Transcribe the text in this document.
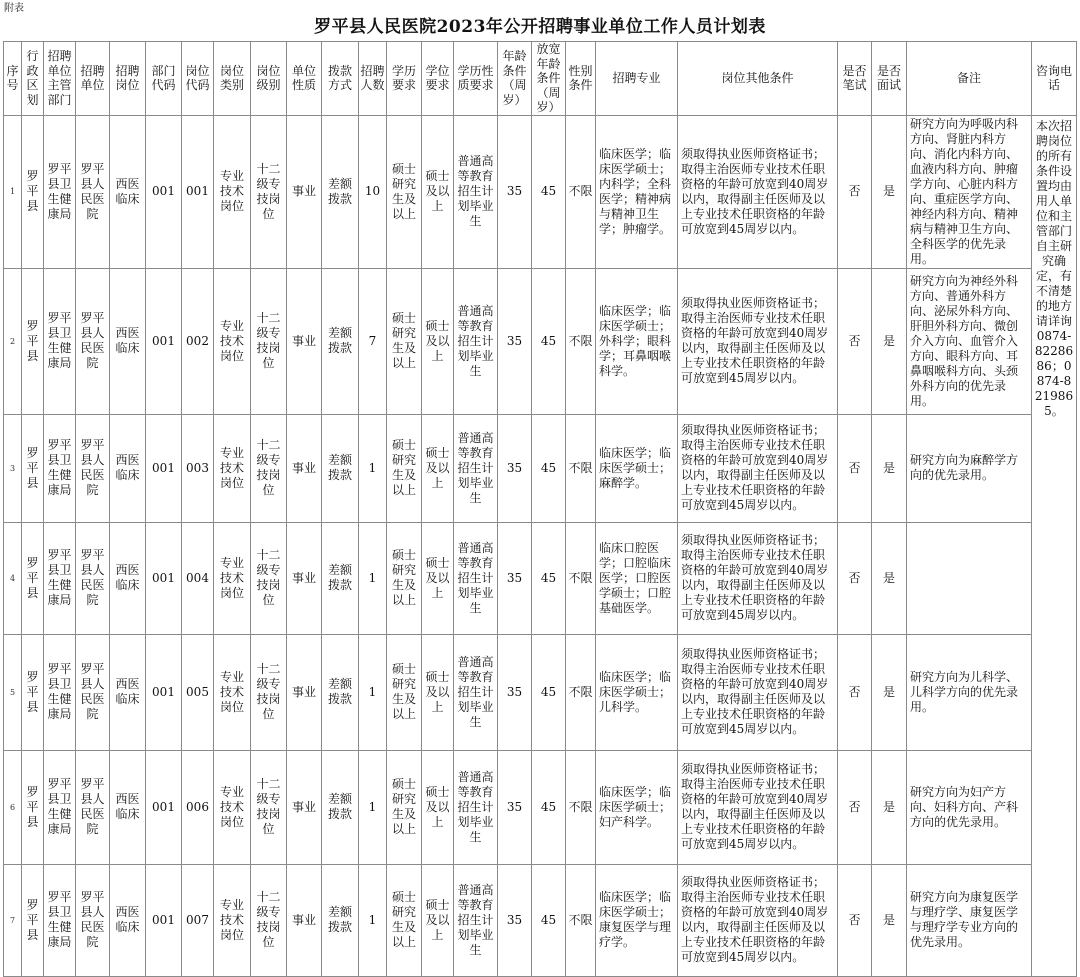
附表
罗平县人民医院2023年公开招聘事业单位工作人员计划表
序号	行政区划	招聘单位主管部门	招聘单位	招聘岗位	部门代码	岗位代码	岗位类别	岗位级别	单位性质	拨款方式	招聘人数	学历要求	学位要求	学历性质要求	年龄条件（周岁）	放宽年龄条件（周岁）	性别条件	招聘专业	岗位其他条件	是否笔试	是否面试	备注	咨询电话
1	罗平县	罗平县卫生健康局	罗平县人民医院	西医临床	001	001	专业技术岗位	十二级专技岗位	事业	差额拨款	10	硕士研究生及以上	硕士及以上	普通高等教育招生计划毕业生	35	45	不限	临床医学；临床医学硕士；内科学；全科医学；精神病与精神卫生学；肿瘤学。	须取得执业医师资格证书；取得主治医师专业技术任职资格的年龄可放宽到40周岁以内，取得副主任医师及以上专业技术任职资格的年龄可放宽到45周岁以内。	否	是	研究方向为呼吸内科方向、肾脏内科方向、消化内科方向、血液内科方向、肿瘤学方向、心脏内科方向、重症医学方向、神经内科方向、精神病与精神卫生方向、全科医学的优先录用。	本次招聘岗位的所有条件设置均由用人单位和主管部门自主研究确定，有不清楚的地方请详询0874-8228686；0874-8219865。

2	罗平县	罗平县卫生健康局	罗平县人民医院	西医临床	001	002	专业技术岗位	十二级专技岗位	事业	差额拨款	7	硕士研究生及以上	硕士及以上	普通高等教育招生计划毕业生	35	45	不限	临床医学；临床医学硕士；外科学；眼科学；耳鼻咽喉科学。	须取得执业医师资格证书；取得主治医师专业技术任职资格的年龄可放宽到40周岁以内，取得副主任医师及以上专业技术任职资格的年龄可放宽到45周岁以内。	否	是	研究方向为神经外科方向、普通外科方向、泌尿外科方向、肝胆外科方向、微创介入方向、血管介入方向、眼科方向、耳鼻咽喉科方向、头颈外科方向的优先录用。	
3	罗平县	罗平县卫生健康局	罗平县人民医院	西医临床	001	003	专业技术岗位	十二级专技岗位	事业	差额拨款	1	硕士研究生及以上	硕士及以上	普通高等教育招生计划毕业生	35	45	不限	临床医学；临床医学硕士；麻醉学。	须取得执业医师资格证书；取得主治医师专业技术任职资格的年龄可放宽到40周岁以内，取得副主任医师及以上专业技术任职资格的年龄可放宽到45周岁以内。	否	是	研究方向为麻醉学方向的优先录用。	
4	罗平县	罗平县卫生健康局	罗平县人民医院	西医临床	001	004	专业技术岗位	十二级专技岗位	事业	差额拨款	1	硕士研究生及以上	硕士及以上	普通高等教育招生计划毕业生	35	45	不限	临床口腔医学；口腔临床医学；口腔医学硕士；口腔基础医学。	须取得执业医师资格证书；取得主治医师专业技术任职资格的年龄可放宽到40周岁以内，取得副主任医师及以上专业技术任职资格的年龄可放宽到45周岁以内。	否	是		
5	罗平县	罗平县卫生健康局	罗平县人民医院	西医临床	001	005	专业技术岗位	十二级专技岗位	事业	差额拨款	1	硕士研究生及以上	硕士及以上	普通高等教育招生计划毕业生	35	45	不限	临床医学；临床医学硕士；儿科学。	须取得执业医师资格证书；取得主治医师专业技术任职资格的年龄可放宽到40周岁以内，取得副主任医师及以上专业技术任职资格的年龄可放宽到45周岁以内。	否	是	研究方向为儿科学、儿科学方向的优先录用。	
6	罗平县	罗平县卫生健康局	罗平县人民医院	西医临床	001	006	专业技术岗位	十二级专技岗位	事业	差额拨款	1	硕士研究生及以上	硕士及以上	普通高等教育招生计划毕业生	35	45	不限	临床医学；临床医学硕士；妇产科学。	须取得执业医师资格证书；取得主治医师专业技术任职资格的年龄可放宽到40周岁以内，取得副主任医师及以上专业技术任职资格的年龄可放宽到45周岁以内。	否	是	研究方向为妇产方向、妇科方向、产科方向的优先录用。	
7	罗平县	罗平县卫生健康局	罗平县人民医院	西医临床	001	007	专业技术岗位	十二级专技岗位	事业	差额拨款	1	硕士研究生及以上	硕士及以上	普通高等教育招生计划毕业生	35	45	不限	临床医学；临床医学硕士；康复医学与理疗学。	须取得执业医师资格证书；取得主治医师专业技术任职资格的年龄可放宽到40周岁以内，取得副主任医师及以上专业技术任职资格的年龄可放宽到45周岁以内。	否	是	研究方向为康复医学与理疗学、康复医学与理疗学专业方向的优先录用。	
